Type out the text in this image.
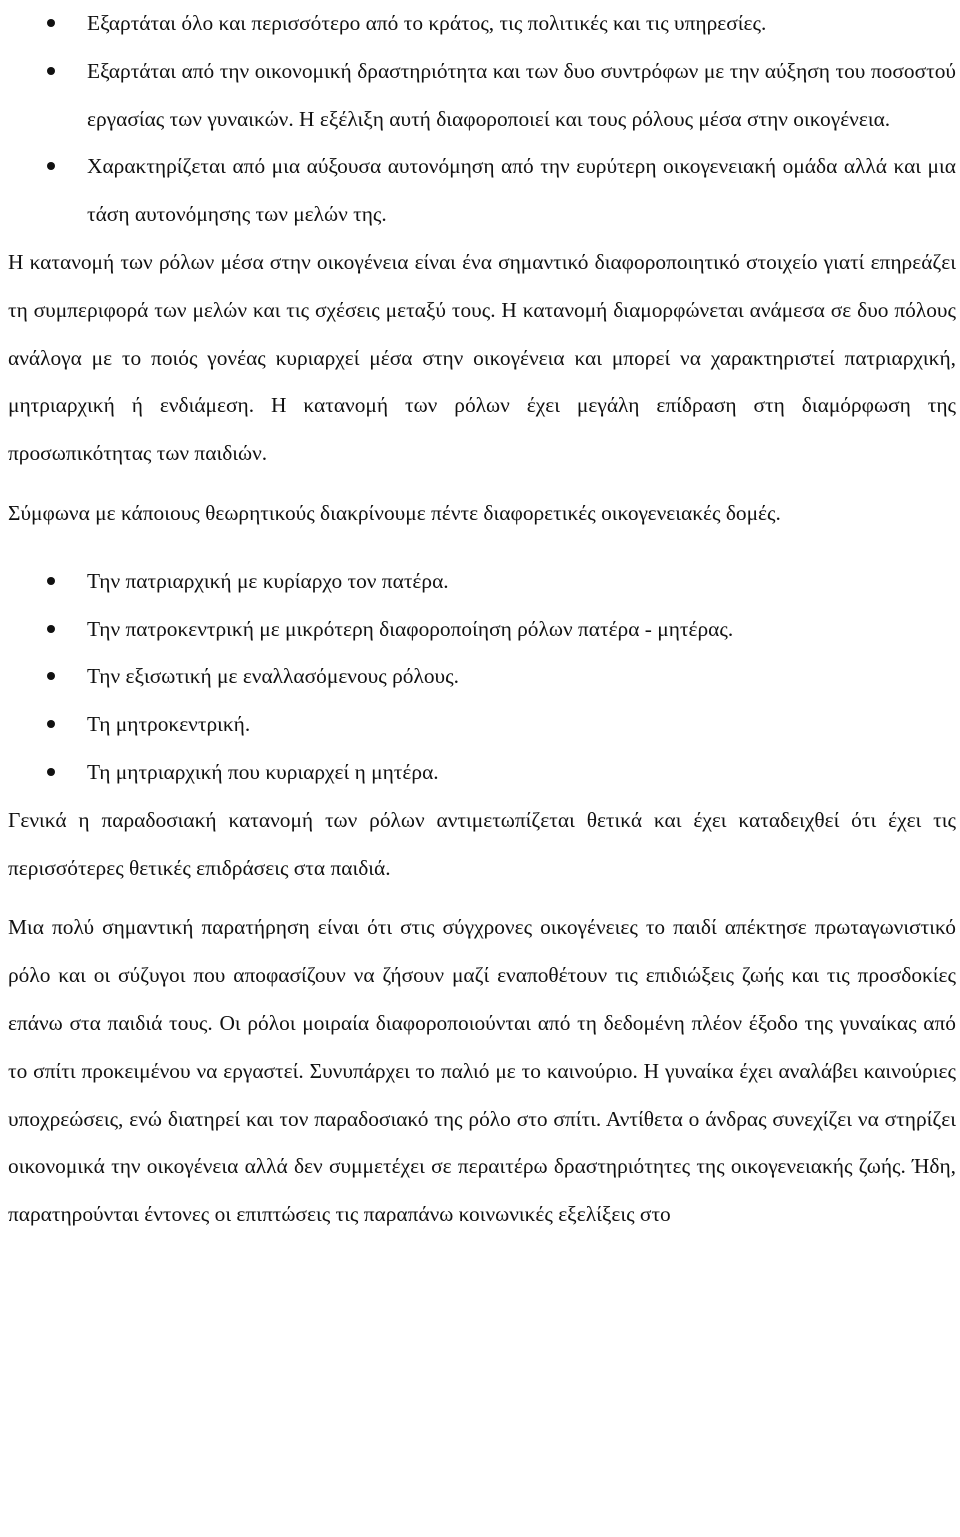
Εξαρτάται όλο και περισσότερο από το κράτος, τις πολιτικές και τις υπηρεσίες.
Εξαρτάται από την οικονομική δραστηριότητα και των δυο συντρόφων με την αύξηση του ποσοστού εργασίας των γυναικών. Η εξέλιξη αυτή διαφοροποιεί και τους ρόλους μέσα στην οικογένεια.
Χαρακτηρίζεται από μια αύξουσα αυτονόμηση από την ευρύτερη οικογενειακή ομάδα αλλά και μια τάση αυτονόμησης των μελών της.

Η κατανομή των ρόλων μέσα στην οικογένεια είναι ένα σημαντικό διαφοροποιητικό στοιχείο γιατί επηρεάζει τη συμπεριφορά των μελών και τις σχέσεις μεταξύ τους. Η κατανομή διαμορφώνεται ανάμεσα σε δυο πόλους ανάλογα με το ποιός γονέας κυριαρχεί μέσα στην οικογένεια και μπορεί να χαρακτηριστεί πατριαρχική, μητριαρχική ή ενδιάμεση. Η κατανομή των ρόλων έχει μεγάλη επίδραση στη διαμόρφωση της προσωπικότητας των παιδιών.

Σύμφωνα με κάποιους θεωρητικούς διακρίνουμε πέντε διαφορετικές οικογενειακές δομές.

Την πατριαρχική με κυρίαρχο τον πατέρα.
Την πατροκεντρική με μικρότερη διαφοροποίηση ρόλων πατέρα - μητέρας.
Την εξισωτική με εναλλασόμενους ρόλους.
Τη μητροκεντρική.
Τη μητριαρχική που κυριαρχεί η μητέρα.

Γενικά η παραδοσιακή κατανομή των ρόλων αντιμετωπίζεται θετικά και έχει καταδειχθεί ότι έχει τις περισσότερες θετικές επιδράσεις στα παιδιά.

Μια πολύ σημαντική παρατήρηση είναι ότι στις σύγχρονες οικογένειες το παιδί απέκτησε πρωταγωνιστικό ρόλο και οι σύζυγοι που αποφασίζουν να ζήσουν μαζί εναποθέτουν τις επιδιώξεις ζωής και τις προσδοκίες επάνω στα παιδιά τους. Οι ρόλοι μοιραία διαφοροποιούνται από τη δεδομένη πλέον έξοδο της γυναίκας από το σπίτι προκειμένου να εργαστεί. Συνυπάρχει το παλιό με το καινούριο. Η γυναίκα έχει αναλάβει καινούριες υποχρεώσεις, ενώ διατηρεί και τον παραδοσιακό της ρόλο στο σπίτι. Αντίθετα ο άνδρας συνεχίζει να στηρίζει οικονομικά την οικογένεια αλλά δεν συμμετέχει σε περαιτέρω δραστηριότητες της οικογενειακής ζωής. Ήδη, παρατηρούνται έντονες οι επιπτώσεις τις παραπάνω κοινωνικές εξελίξεις στο
